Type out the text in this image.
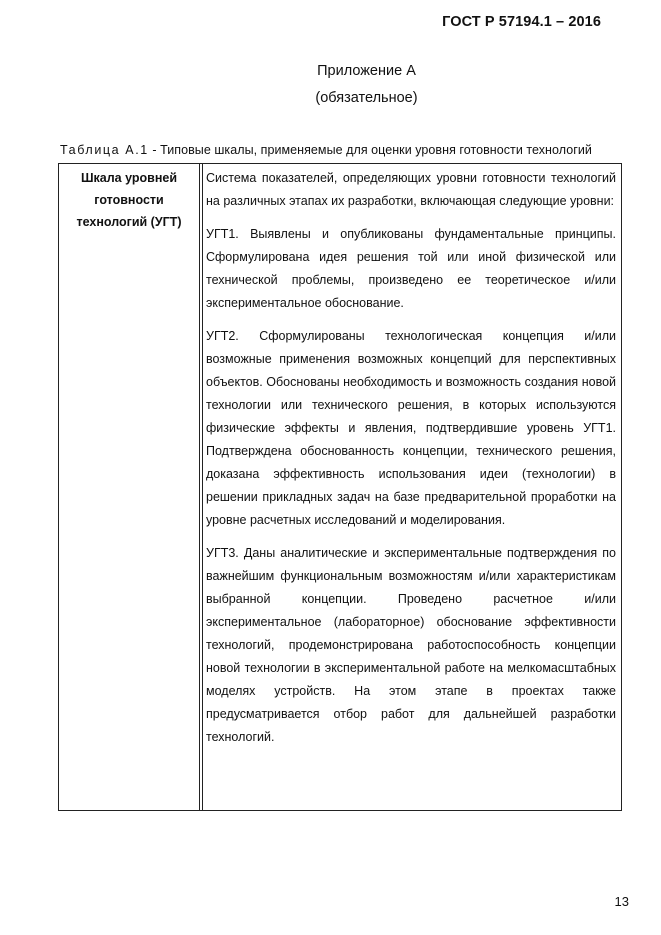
ГОСТ Р 57194.1 – 2016
Приложение А
(обязательное)
Таблица А.1 - Типовые шкалы, применяемые для оценки уровня готовности технологий
Шкала уровней готовности технологий (УГТ)

Система показателей, определяющих уровни готовности технологий на различных этапах их разработки, включающая следующие уровни:

УГТ1. Выявлены и опубликованы фундаментальные принципы. Сформулирована идея решения той или иной физической или технической проблемы, произведено ее теоретическое и/или экспериментальное обоснование.

УГТ2. Сформулированы технологическая концепция и/или возможные применения возможных концепций для перспективных объектов. Обоснованы необходимость и возможность создания новой технологии или технического решения, в которых используются физические эффекты и явления, подтвердившие уровень УГТ1. Подтверждена обоснованность концепции, технического решения, доказана эффективность использования идеи (технологии) в решении прикладных задач на базе предварительной проработки на уровне расчетных исследований и моделирования.

УГТ3. Даны аналитические и экспериментальные подтверждения по важнейшим функциональным возможностям и/или характеристикам выбранной концепции. Проведено расчетное и/или экспериментальное (лабораторное) обоснование эффективности технологий, продемонстрирована работоспособность концепции новой технологии в экспериментальной работе на мелкомасштабных моделях устройств. На этом этапе в проектах также предусматривается отбор работ для дальнейшей разработки технологий.

13
